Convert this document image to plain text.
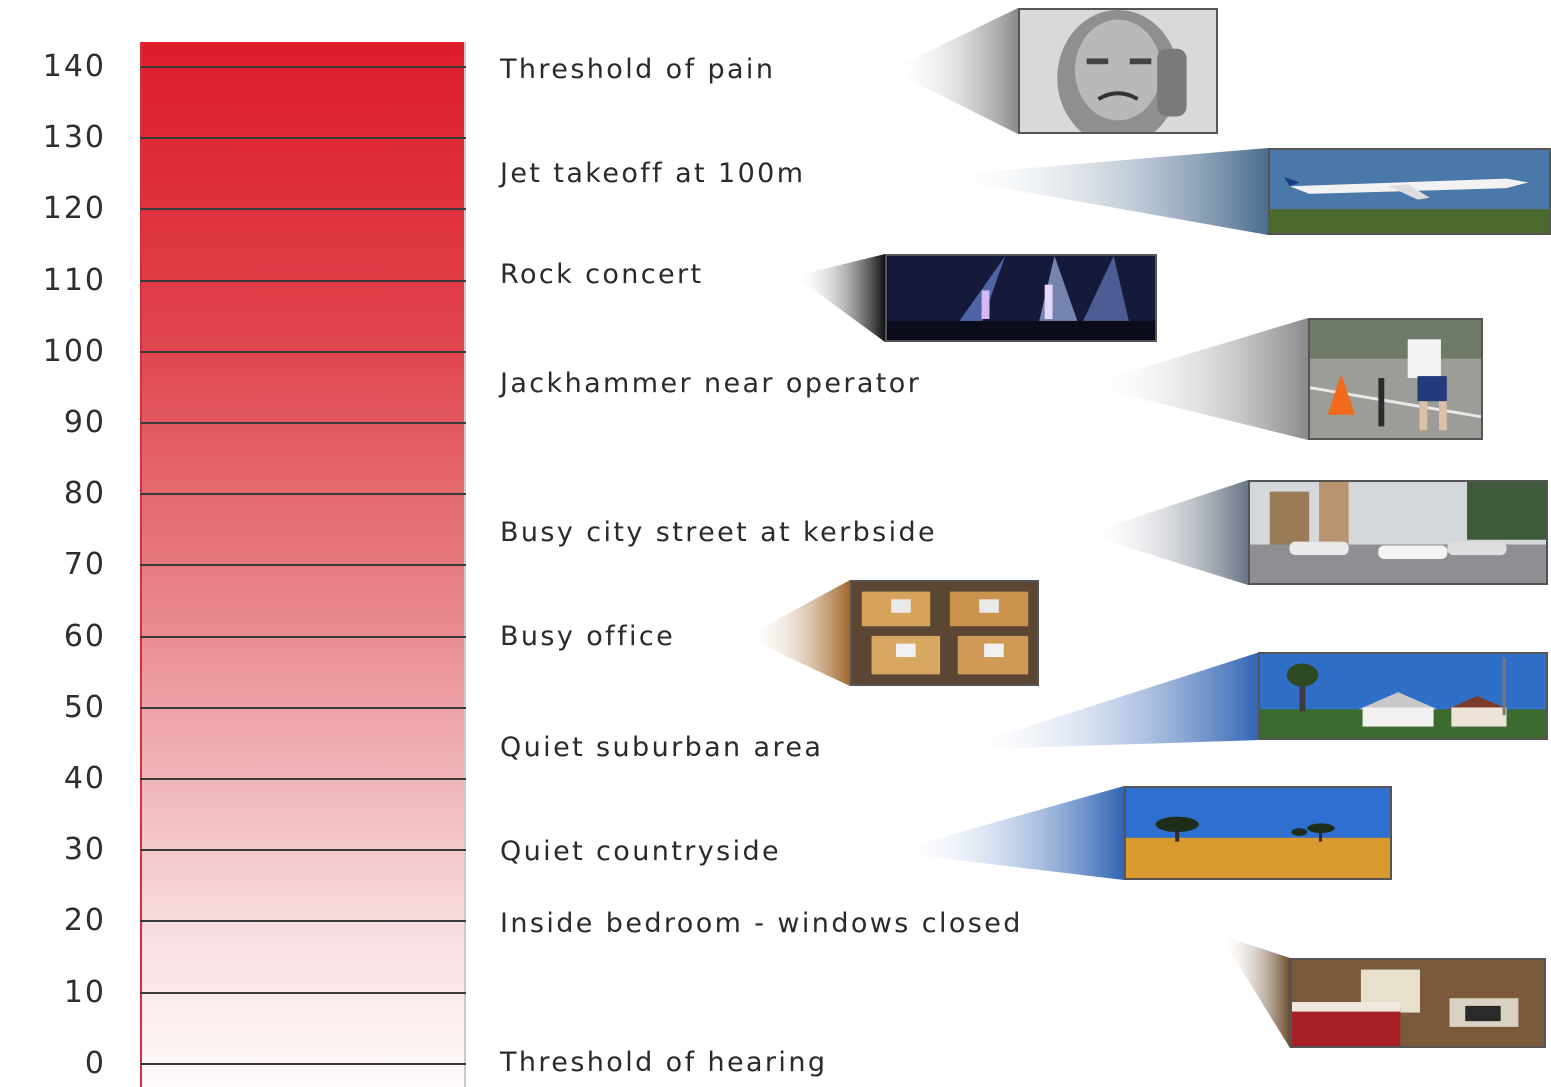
140
130
120
110
100
90
80
70
60
50
40
30
20
10
0
Threshold of pain
Jet takeoff at 100m
Rock concert
Jackhammer near operator
Busy city street at kerbside
Busy office
Quiet suburban area
Quiet countryside
Inside bedroom - windows closed
Threshold of hearing
